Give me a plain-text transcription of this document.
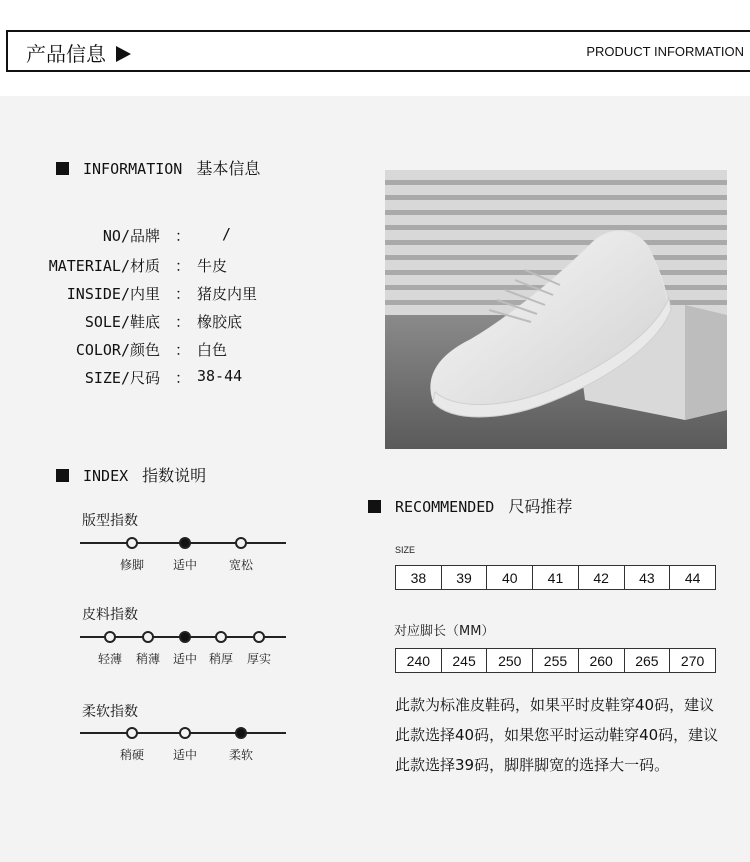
产品信息	PRODUCT INFORMATION
INFORMATION 基本信息
NO/品牌 ： /
MATERIAL/材质 ： 牛皮
INSIDE/内里 ： 猪皮内里
SOLE/鞋底 ： 橡胶底
COLOR/颜色 ： 白色
SIZE/尺码 ： 38-44
INDEX 指数说明
版型指数
修脚 适中	宽松
皮料指数
轻薄 稍薄 适中 稍厚 厚实
柔软指数
稍硬 适中	柔软
RECOMMENDED 尺码推荐
SIZE
38	39	40	41	42	43	44
对应脚长（MM）
240	245	250	255	260	265	270
此款为标准皮鞋码，如果平时皮鞋穿40码，建议此款选择40码，如果您平时运动鞋穿40码，建议此款选择39码，脚胖脚宽的选择大一码。
